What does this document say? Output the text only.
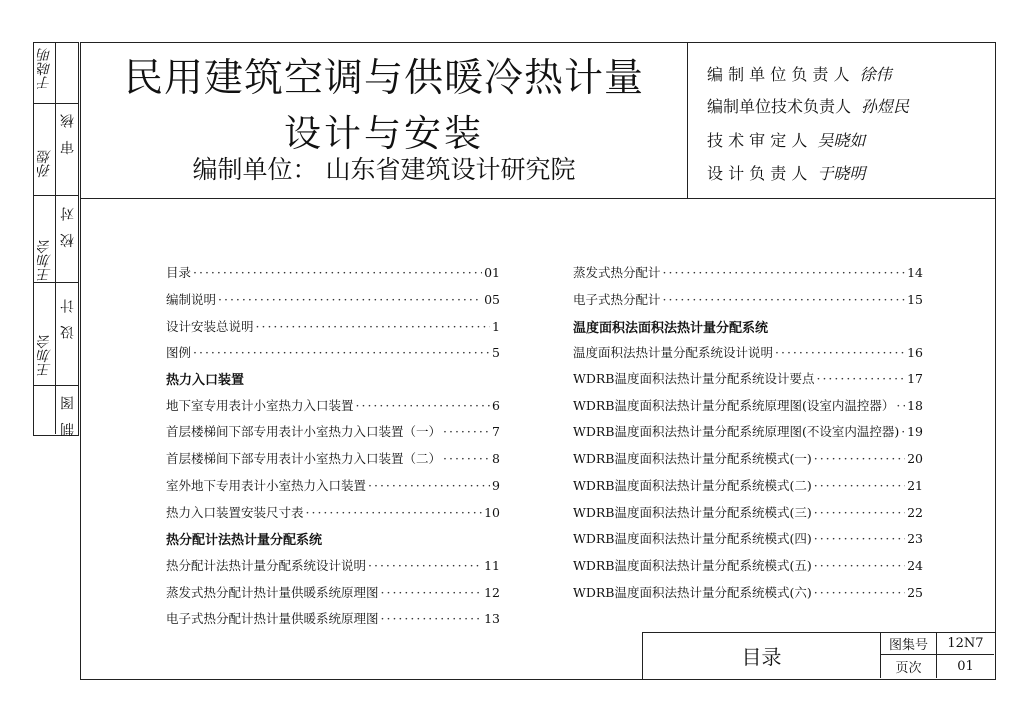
于晓明
审 核
孙煜
校 对
王加会
设 计
王加会
制 图
民用建筑空调与供暖冷热计量
设计与安装
编制单位： 山东省建筑设计研究院
编 制 单 位 负 责 人 徐伟
编制单位技术负责人 孙煜民
技 术 审 定 人 吴晓如
设 计 负 责 人 于晓明
目录 ·····	01
编制说明 ·····	05
设计安装总说明 ·····	1
图例 ·····	5
热力入口装置
地下室专用表计小室热力入口装置 ·····	6
首层楼梯间下部专用表计小室热力入口装置（一） ·····	7
首层楼梯间下部专用表计小室热力入口装置（二） ·····	8
室外地下专用表计小室热力入口装置 ·····	9
热力入口装置安装尺寸表 ·····	10
热分配计法热计量分配系统
热分配计法热计量分配系统设计说明 ·····	11
蒸发式热分配计热计量供暖系统原理图 ·····	12
电子式热分配计热计量供暖系统原理图 ·····	13
蒸发式热分配计 ·····	14
电子式热分配计 ·····	15
温度面积法面积法热计量分配系统
温度面积法热计量分配系统设计说明 ·····	16
WDRB温度面积法热计量分配系统设计要点 ·····	17
WDRB温度面积法热计量分配系统原理图(设室内温控器） ····· 18
WDRB温度面积法热计量分配系统原理图(不设室内温控器) ····· 19
WDRB温度面积法热计量分配系统模式(一) ·····	20
WDRB温度面积法热计量分配系统模式(二) ·····	21
WDRB温度面积法热计量分配系统模式(三) ·····	22
WDRB温度面积法热计量分配系统模式(四) ·····	23
WDRB温度面积法热计量分配系统模式(五) ·····	24
WDRB温度面积法热计量分配系统模式(六) ·····	25
目录	图集号	12N7
页次	01
